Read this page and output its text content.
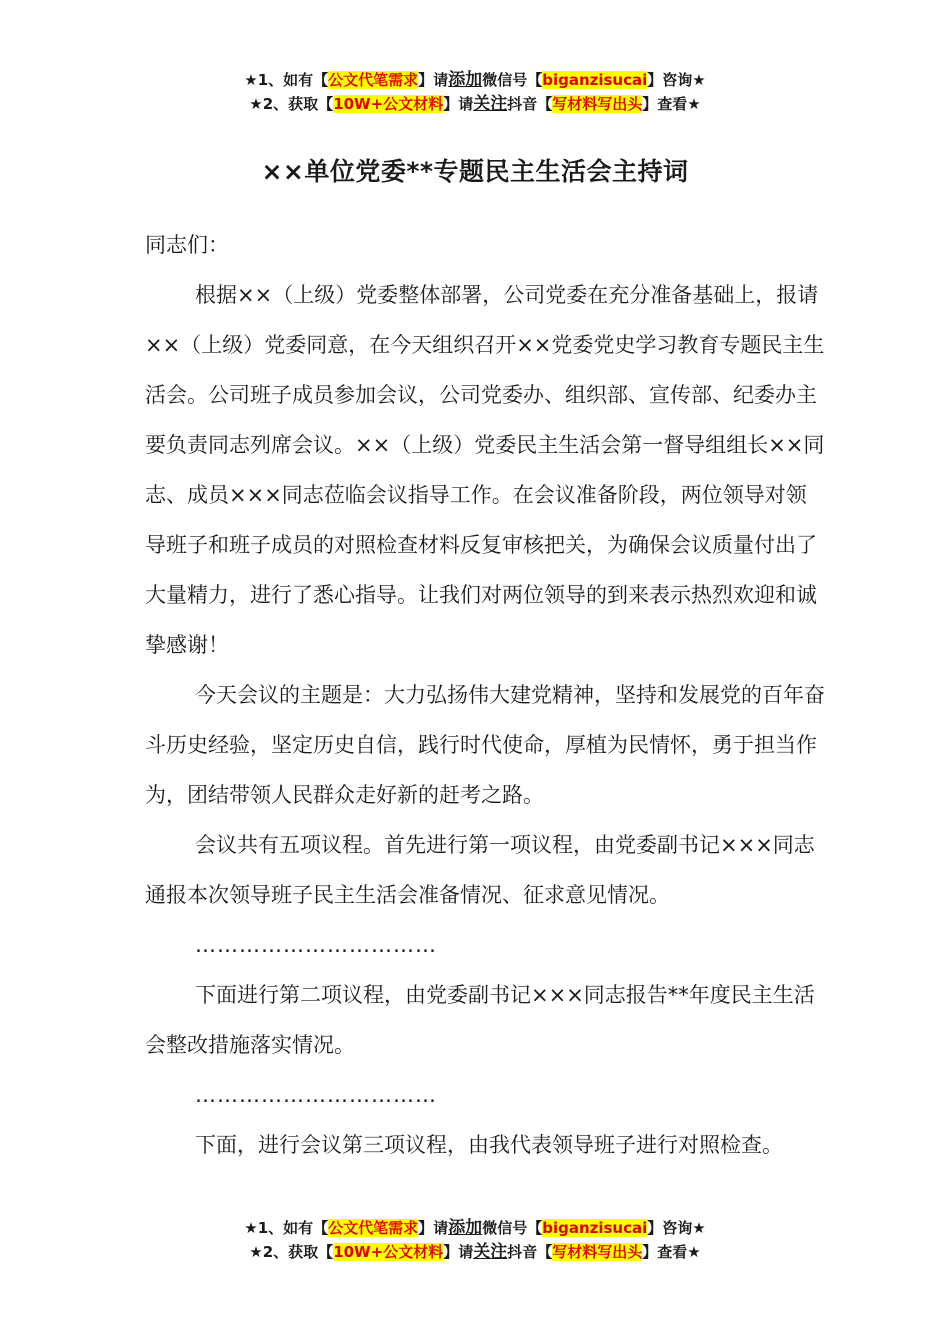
★1、如有【公文代笔需求】请添加微信号【biganzisucai】咨询★
★2、获取【10W+公文材料】请关注抖音【写材料写出头】查看★
××单位党委**专题民主生活会主持词

同志们：

根据××（上级）党委整体部署，公司党委在充分准备基础上，报请××（上级）党委同意，在今天组织召开××党委党史学习教育专题民主生活会。公司班子成员参加会议，公司党委办、组织部、宣传部、纪委办主要负责同志列席会议。××（上级）党委民主生活会第一督导组组长××同志、成员×××同志莅临会议指导工作。在会议准备阶段，两位领导对领导班子和班子成员的对照检查材料反复审核把关，为确保会议质量付出了大量精力，进行了悉心指导。让我们对两位领导的到来表示热烈欢迎和诚挚感谢！

今天会议的主题是：大力弘扬伟大建党精神，坚持和发展党的百年奋斗历史经验，坚定历史自信，践行时代使命，厚植为民情怀，勇于担当作为，团结带领人民群众走好新的赶考之路。

会议共有五项议程。首先进行第一项议程，由党委副书记×××同志通报本次领导班子民主生活会准备情况、征求意见情况。

……………………………

下面进行第二项议程，由党委副书记×××同志报告**年度民主生活会整改措施落实情况。

……………………………

下面，进行会议第三项议程，由我代表领导班子进行对照检查。

★1、如有【公文代笔需求】请添加微信号【biganzisucai】咨询★
★2、获取【10W+公文材料】请关注抖音【写材料写出头】查看★
